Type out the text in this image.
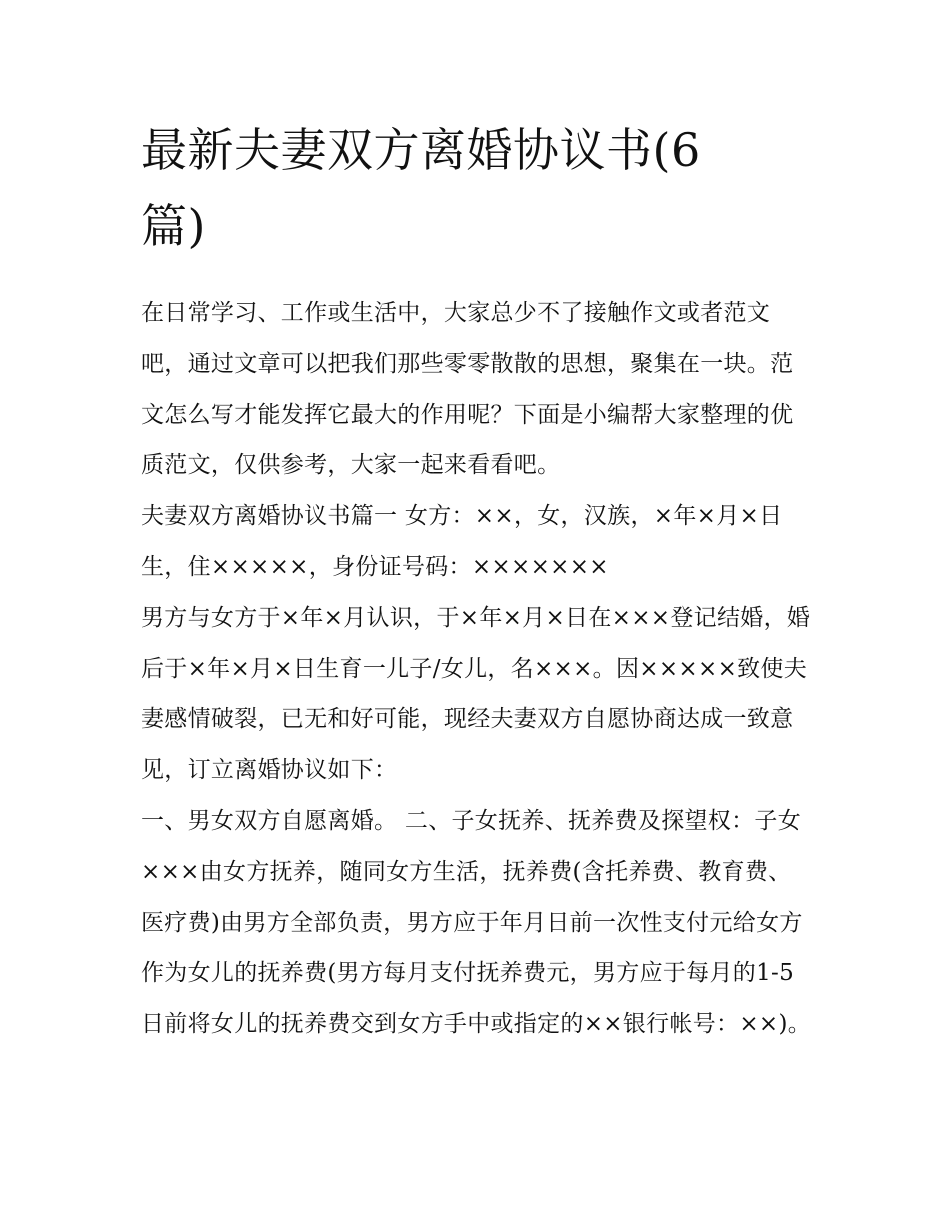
最新夫妻双方离婚协议书(6篇)

在日常学习、工作或生活中，大家总少不了接触作文或者范文吧，通过文章可以把我们那些零零散散的思想，聚集在一块。范文怎么写才能发挥它最大的作用呢？下面是小编帮大家整理的优质范文，仅供参考，大家一起来看看吧。

夫妻双方离婚协议书篇一 女方：××，女，汉族，×年×月×日生，住×××××，身份证号码：×××××××

男方与女方于×年×月认识，于×年×月×日在×××登记结婚，婚后于×年×月×日生育一儿子/女儿，名×××。因×××××致使夫妻感情破裂，已无和好可能，现经夫妻双方自愿协商达成一致意见，订立离婚协议如下：

一、男女双方自愿离婚。 二、子女抚养、抚养费及探望权：子女×××由女方抚养，随同女方生活，抚养费(含托养费、教育费、医疗费)由男方全部负责，男方应于年月日前一次性支付元给女方作为女儿的抚养费(男方每月支付抚养费元，男方应于每月的1-5日前将女儿的抚养费交到女方手中或指定的××银行帐号：××)。
